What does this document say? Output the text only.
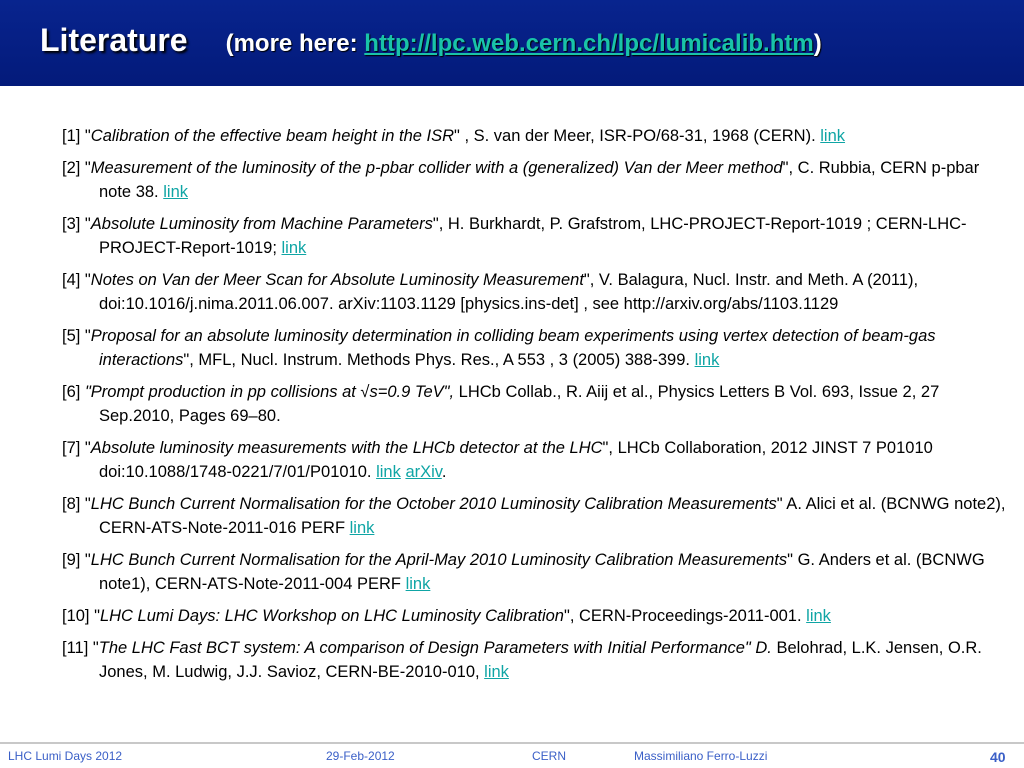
Literature (more here: http://lpc.web.cern.ch/lpc/lumicalib.htm)
[1] "Calibration of the effective beam height in the ISR" , S. van der Meer, ISR-PO/68-31, 1968 (CERN). link
[2] "Measurement of the luminosity of the p-pbar collider with a (generalized) Van der Meer method", C. Rubbia, CERN p-pbar note 38. link
[3] "Absolute Luminosity from Machine Parameters", H. Burkhardt, P. Grafstrom, LHC-PROJECT-Report-1019 ; CERN-LHC-PROJECT-Report-1019; link
[4] "Notes on Van der Meer Scan for Absolute Luminosity Measurement", V. Balagura, Nucl. Instr. and Meth. A (2011), doi:10.1016/j.nima.2011.06.007. arXiv:1103.1129 [physics.ins-det] , see http://arxiv.org/abs/1103.1129
[5] "Proposal for an absolute luminosity determination in colliding beam experiments using vertex detection of beam-gas interactions", MFL, Nucl. Instrum. Methods Phys. Res., A 553 , 3 (2005) 388-399. link
[6] "Prompt production in pp collisions at √s=0.9 TeV", LHCb Collab., R. Aiij et al., Physics Letters B Vol. 693, Issue 2, 27 Sep.2010, Pages 69–80.
[7] "Absolute luminosity measurements with the LHCb detector at the LHC", LHCb Collaboration, 2012 JINST 7 P01010 doi:10.1088/1748-0221/7/01/P01010. link arXiv.
[8] "LHC Bunch Current Normalisation for the October 2010 Luminosity Calibration Measurements" A. Alici et al. (BCNWG note2), CERN-ATS-Note-2011-016 PERF link
[9] "LHC Bunch Current Normalisation for the April-May 2010 Luminosity Calibration Measurements" G. Anders et al. (BCNWG note1), CERN-ATS-Note-2011-004 PERF link
[10] "LHC Lumi Days: LHC Workshop on LHC Luminosity Calibration", CERN-Proceedings-2011-001. link
[11] "The LHC Fast BCT system: A comparison of Design Parameters with Initial Performance" D. Belohrad, L.K. Jensen, O.R. Jones, M. Ludwig, J.J. Savioz, CERN-BE-2010-010, link
LHC Lumi Days 2012	29-Feb-2012	CERN	Massimiliano Ferro-Luzzi	40
